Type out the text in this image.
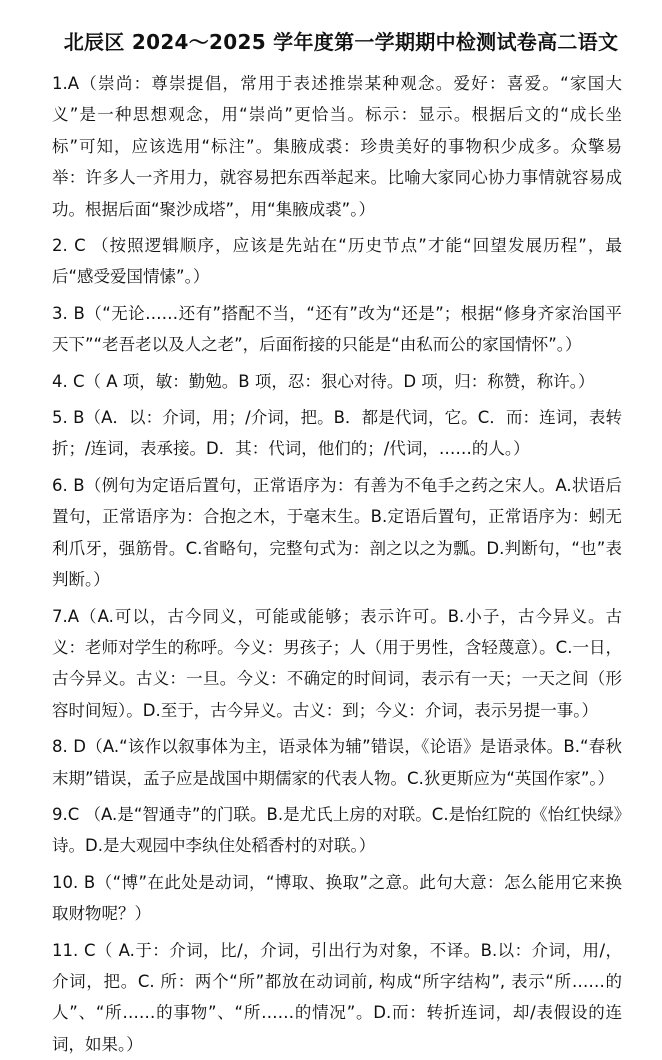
北辰区 2024～2025 学年度第一学期期中检测试卷高二语文

1.A（崇尚：尊崇提倡，常用于表述推崇某种观念。爱好：喜爱。“家国大义”是一种思想观念，用“崇尚”更恰当。标示：显示。根据后文的“成长坐标”可知，应该选用“标注”。集腋成裘：珍贵美好的事物积少成多。众擎易举：许多人一齐用力，就容易把东西举起来。比喻大家同心协力事情就容易成功。根据后面“聚沙成塔”，用“集腋成裘”。）

2. C （按照逻辑顺序，应该是先站在“历史节点”才能“回望发展历程”，最后“感受爱国情愫”。）

3. B（“无论……还有”搭配不当，“还有”改为“还是”；根据“修身齐家治国平天下”“老吾老以及人之老”，后面衔接的只能是“由私而公的家国情怀”。）

4. C（ A 项，敏：勤勉。B 项，忍：狠心对待。D 项，归：称赞，称许。）

5. B（A．以：介词，用；/介词，把。B．都是代词，它。C．而：连词，表转折；/连词，表承接。D．其：代词，他们的；/代词，……的人。）

6. B（例句为定语后置句，正常语序为：有善为不龟手之药之宋人。A.状语后置句，正常语序为：合抱之木，于毫末生。B.定语后置句，正常语序为：蚓无利爪牙，强筋骨。C.省略句，完整句式为：剖之以之为瓢。D.判断句，“也”表判断。）

7.A（A.可以，古今同义，可能或能够；表示许可。B.小子，古今异义。古义：老师对学生的称呼。今义：男孩子；人（用于男性，含轻蔑意）。C.一日，古今异义。古义：一旦。今义：不确定的时间词，表示有一天；一天之间（形容时间短）。D.至于，古今异义。古义：到；今义：介词，表示另提一事。）

8. D（A.“该作以叙事体为主，语录体为辅”错误，《论语》是语录体。B.“春秋末期”错误，孟子应是战国中期儒家的代表人物。C.狄更斯应为“英国作家”。）

9.C （A.是“智通寺”的门联。B.是尤氏上房的对联。C.是怡红院的《怡红快绿》诗。D.是大观园中李纨住处稻香村的对联。）

10. B（“博”在此处是动词，“博取、换取”之意。此句大意：怎么能用它来换取财物呢？）

11. C（ A.于：介词，比/，介词，引出行为对象，不译。B.以：介词，用/，介词，把。C. 所：两个“所”都放在动词前, 构成“所字结构”, 表示“所……的人”、“所……的事物”、“所……的情况”。D.而：转折连词，却/表假设的连词，如果。）
